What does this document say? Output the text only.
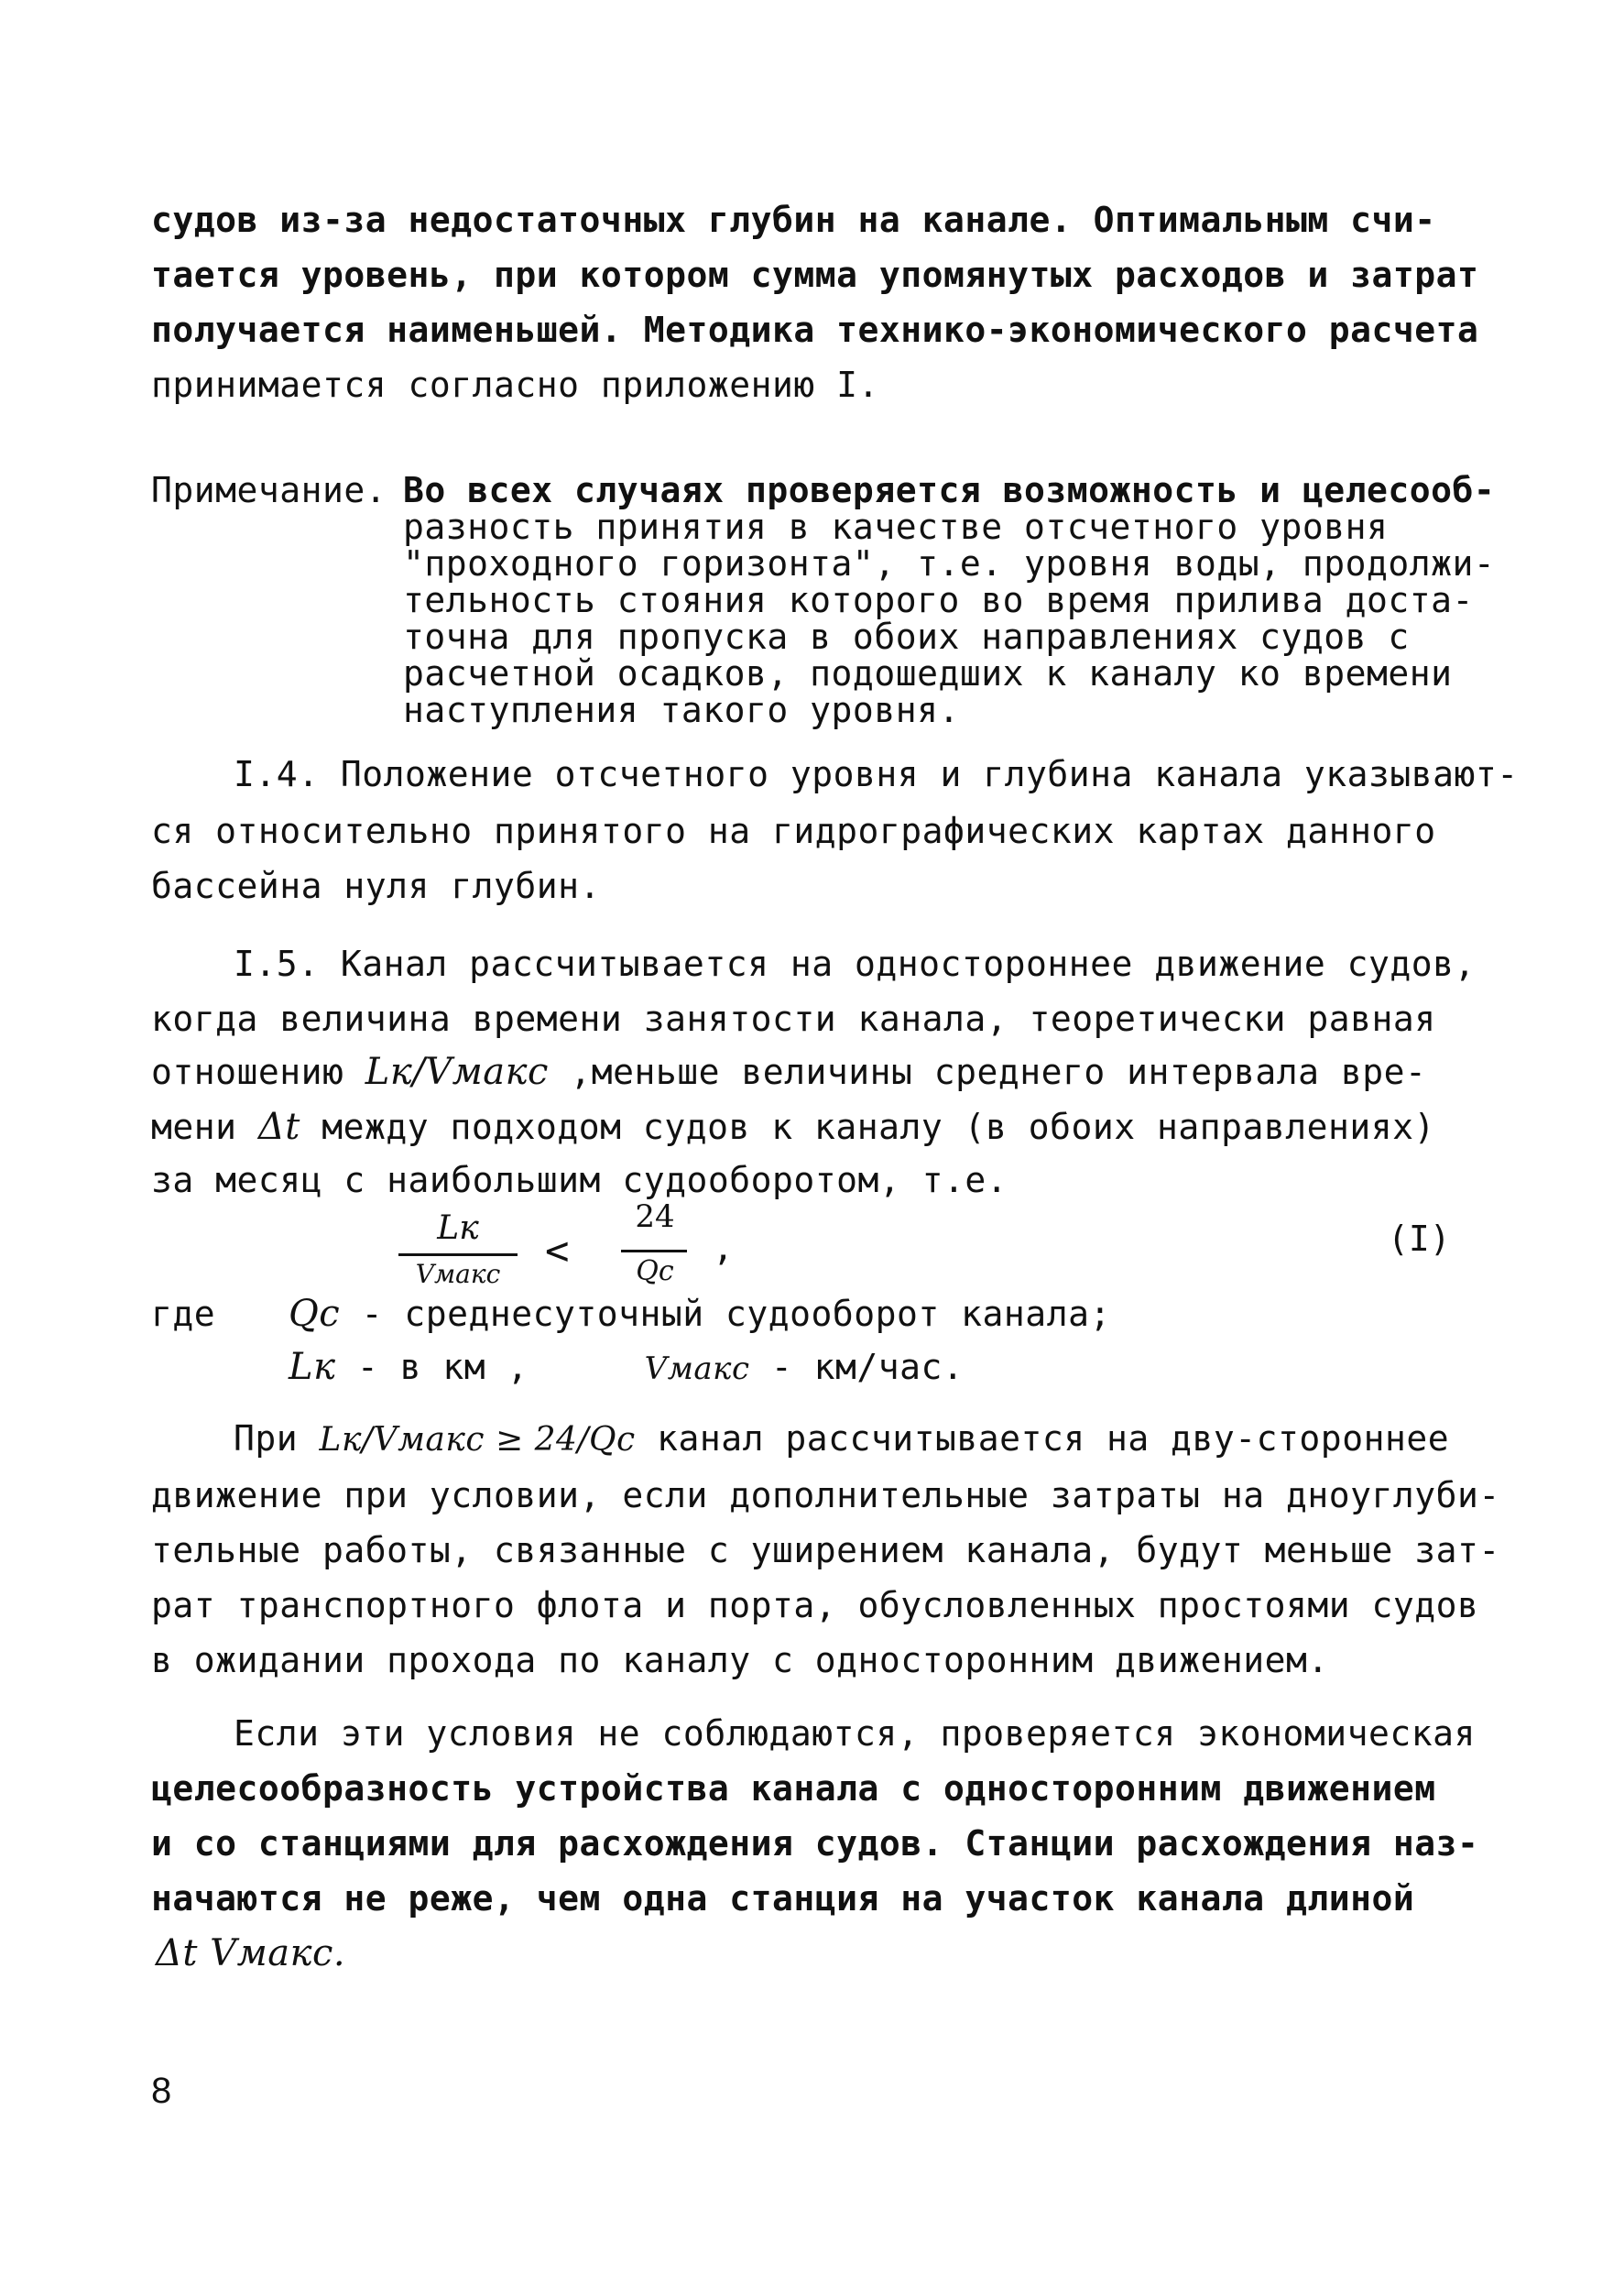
судов из-за недостаточных глубин на канале. Оптимальным счи-
тается уровень, при котором сумма упомянутых расходов и затрат
получается наименьшей. Методика технико-экономического расчета
принимается согласно приложению I.
Примечание. Во всех случаях проверяется возможность и целесооб-
разность принятия в качестве отсчетного уровня
"проходного горизонта", т.е. уровня воды, продолжи-
тельность стояния которого во время прилива доста-
точна для пропуска в обоих направлениях судов с
расчетной осадков, подошедших к каналу ко времени
наступления такого уровня.
I.4. Положение отсчетного уровня и глубина канала указывают-
ся относительно принятого на гидрографических картах данного
бассейна нуля глубин.
I.5. Канал рассчитывается на одностороннее движение судов,
когда величина времени занятости канала, теоретически равная
отношению Lк/Vмакс ,меньше величины среднего интервала вре-
мени Δt между подходом судов к каналу (в обоих направлениях)
за месяц с наибольшим судооборотом, т.е.
Lк
Vмакс	<
24
Qc
,	(I)
где Qc - среднесуточный судооборот канала;
Lк - в км ,	Vмакс - км/час.
При Lк/Vмакс ≥ 24/Qc канал рассчитывается на дву-стороннее
движение при условии, если дополнительные затраты на дноуглуби-
тельные работы, связанные с уширением канала, будут меньше зат-
рат транспортного флота и порта, обусловленных простоями судов
в ожидании прохода по каналу с односторонним движением.
Если эти условия не соблюдаются, проверяется экономическая
целесообразность устройства канала с односторонним движением
и со станциями для расхождения судов. Станции расхождения наз-
начаются не реже, чем одна станция на участок канала длиной
Δt Vмакс.
8
